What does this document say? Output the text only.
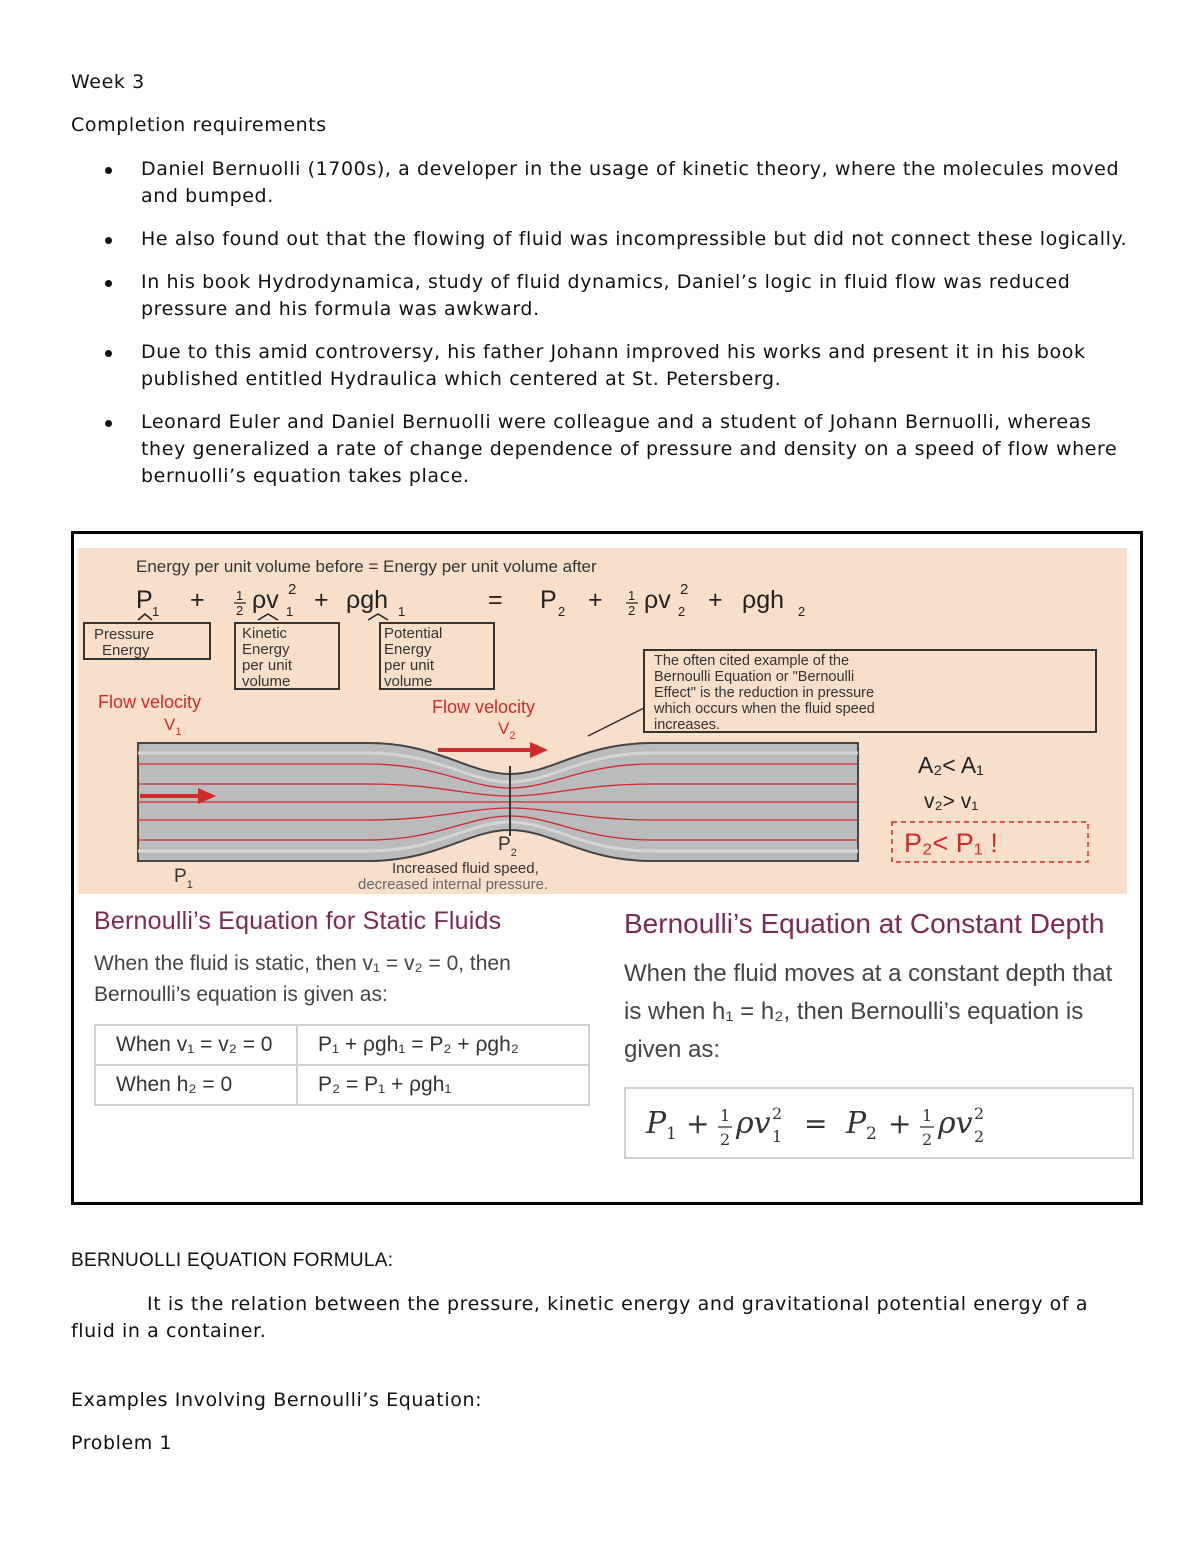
Week 3
Completion requirements
Daniel Bernuolli (1700s), a developer in the usage of kinetic theory, where the molecules moved and bumped.
He also found out that the flowing of fluid was incompressible but did not connect these logically.
In his book Hydrodynamica, study of fluid dynamics, Daniel’s logic in fluid flow was reduced pressure and his formula was awkward.
Due to this amid controversy, his father Johann improved his works and present it in his book published entitled Hydraulica which centered at St. Petersberg.
Leonard Euler and Daniel Bernuolli were colleague and a student of Johann Bernuolli, whereas they generalized a rate of change dependence of pressure and density on a speed of flow where bernuolli’s equation takes place.
Energy per unit volume before = Energy per unit volume after
P 1 + 1
2 ρv 1
2 + ρgh 1	= P 2 + 1
2 ρv 2
2 + ρgh 2
Pressure
Energy
Kinetic
Energy
per unit
volume
Potential
Energy
per unit
volume
The often cited example of the
Bernoulli Equation or "Bernoulli
Effect" is the reduction in pressure
which occurs when the fluid speed
increases.
Flow velocity
$V_1$
Flow velocity
$V_2$
$P_1$
$P_2$
Increased fluid speed,
decreased internal pressure.
A₂< A₁
v₂> v₁
P₂< P₁ !
Bernoulli’s Equation for Static Fluids
When the fluid is static, then v₁ = v₂ = 0, then Bernoulli’s equation is given as:
When v₁ = v₂ = 0	P₁ + ρgh₁ = P₂ + ρgh₂
When h₂ = 0	P₂ = P₁ + ρgh₁
Bernoulli’s Equation at Constant Depth
When the fluid moves at a constant depth that is when h₁ = h₂, then Bernoulli’s equation is given as:
P 1 + 1
2 ρv 1
2 = P 2 + 1
2 ρv 2
2
BERNUOLLI EQUATION FORMULA:
It is the relation between the pressure, kinetic energy and gravitational potential energy of a fluid in a container.
Examples Involving Bernoulli’s Equation:
Problem 1
